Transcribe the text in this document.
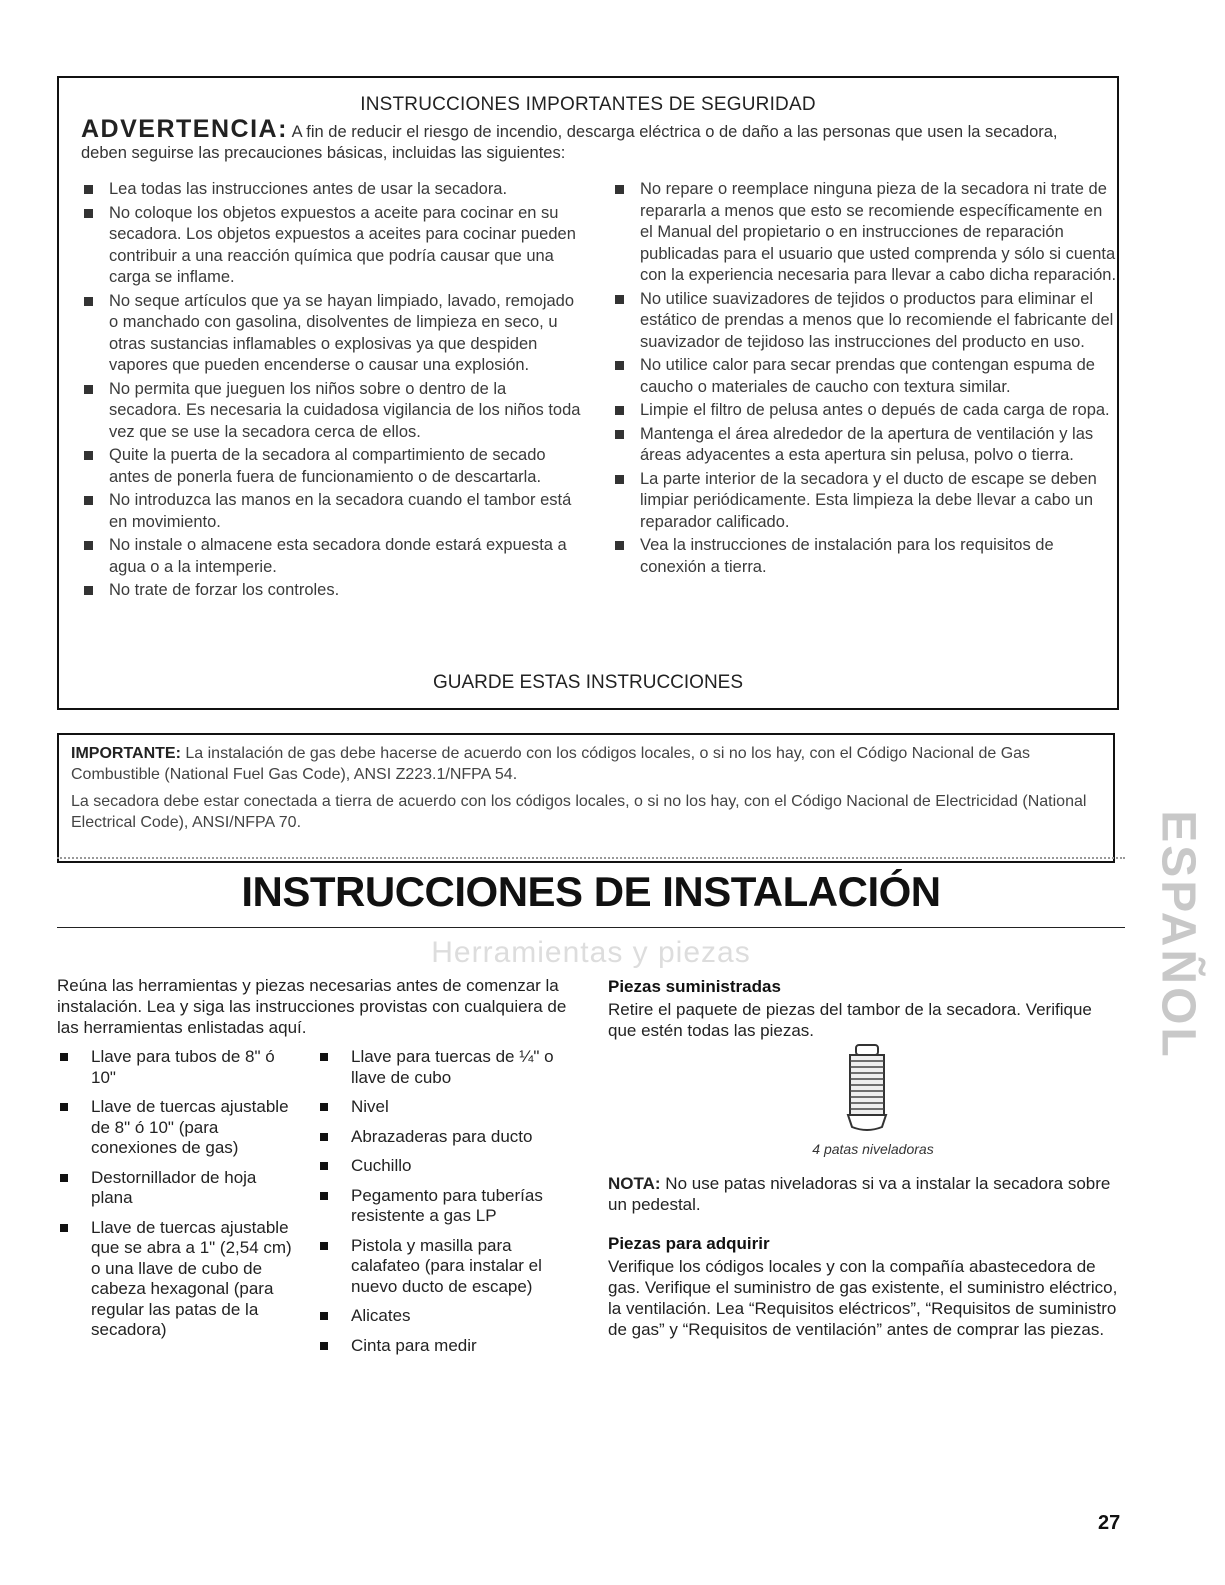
INSTRUCCIONES IMPORTANTES DE SEGURIDAD
ADVERTENCIA: A fin de reducir el riesgo de incendio, descarga eléctrica o de daño a las personas que usen la secadora, deben seguirse las precauciones básicas, incluidas las siguientes:
Lea todas las instrucciones antes de usar la secadora.
No coloque los objetos expuestos a aceite para cocinar en su secadora. Los objetos expuestos a aceites para cocinar pueden contribuir a una reacción química que podría causar que una carga se inflame.
No seque artículos que ya se hayan limpiado, lavado, remojado o manchado con gasolina, disolventes de limpieza en seco, u otras sustancias inflamables o explosivas ya que despiden vapores que pueden encenderse o causar una explosión.
No permita que jueguen los niños sobre o dentro de la secadora. Es necesaria la cuidadosa vigilancia de los niños toda vez que se use la secadora cerca de ellos.
Quite la puerta de la secadora al compartimiento de secado antes de ponerla fuera de funcionamiento o de descartarla.
No introduzca las manos en la secadora cuando el tambor está en movimiento.
No instale o almacene esta secadora donde estará expuesta a agua o a la intemperie.
No trate de forzar los controles.
No repare o reemplace ninguna pieza de la secadora ni trate de repararla a menos que esto se recomiende específicamente en el Manual del propietario o en instrucciones de reparación publicadas para el usuario que usted comprenda y sólo si cuenta con la experiencia necesaria para llevar a cabo dicha reparación.
No utilice suavizadores de tejidos o productos para eliminar el estático de prendas a menos que lo recomiende el fabricante del suavizador de tejidoso las instrucciones del producto en uso.
No utilice calor para secar prendas que contengan espuma de caucho o materiales de caucho con textura similar.
Limpie el filtro de pelusa antes o depués de cada carga de ropa.
Mantenga el área alrededor de la apertura de ventilación y las áreas adyacentes a esta apertura sin pelusa, polvo o tierra.
La parte interior de la secadora y el ducto de escape se deben limpiar periódicamente. Esta limpieza la debe llevar a cabo un reparador calificado.
Vea la instrucciones de instalación para los requisitos de conexión a tierra.
GUARDE ESTAS INSTRUCCIONES
IMPORTANTE: La instalación de gas debe hacerse de acuerdo con los códigos locales, o si no los hay, con el Código Nacional de Gas Combustible (National Fuel Gas Code), ANSI Z223.1/NFPA 54.
La secadora debe estar conectada a tierra de acuerdo con los códigos locales, o si no los hay, con el Código Nacional de Electricidad (National Electrical Code), ANSI/NFPA 70.
INSTRUCCIONES DE INSTALACIÓN
Herramientas y piezas
Reúna las herramientas y piezas necesarias antes de comenzar la instalación. Lea y siga las instrucciones provistas con cualquiera de las herramientas enlistadas aquí.
Llave para tubos de 8" ó 10"
Llave de tuercas ajustable de 8" ó 10" (para conexiones de gas)
Destornillador de hoja plana
Llave de tuercas ajustable que se abra a 1" (2,54 cm) o una llave de cubo de cabeza hexagonal (para regular las patas de la secadora)
Llave para tuercas de ¼" o llave de cubo
Nivel
Abrazaderas para ducto
Cuchillo
Pegamento para tuberías resistente a gas LP
Pistola y masilla para calafateo (para instalar el nuevo ducto de escape)
Alicates
Cinta para medir
Piezas suministradas
Retire el paquete de piezas del tambor de la secadora. Verifique que estén todas las piezas.
4 patas niveladoras
NOTA: No use patas niveladoras si va a instalar la secadora sobre un pedestal.
Piezas para adquirir
Verifique los códigos locales y con la compañía abastecedora de gas. Verifique el suministro de gas existente, el suministro eléctrico, la ventilación. Lea “Requisitos eléctricos”, “Requisitos de suministro de gas” y “Requisitos de ventilación” antes de comprar las piezas.
ESPAÑOL
27
